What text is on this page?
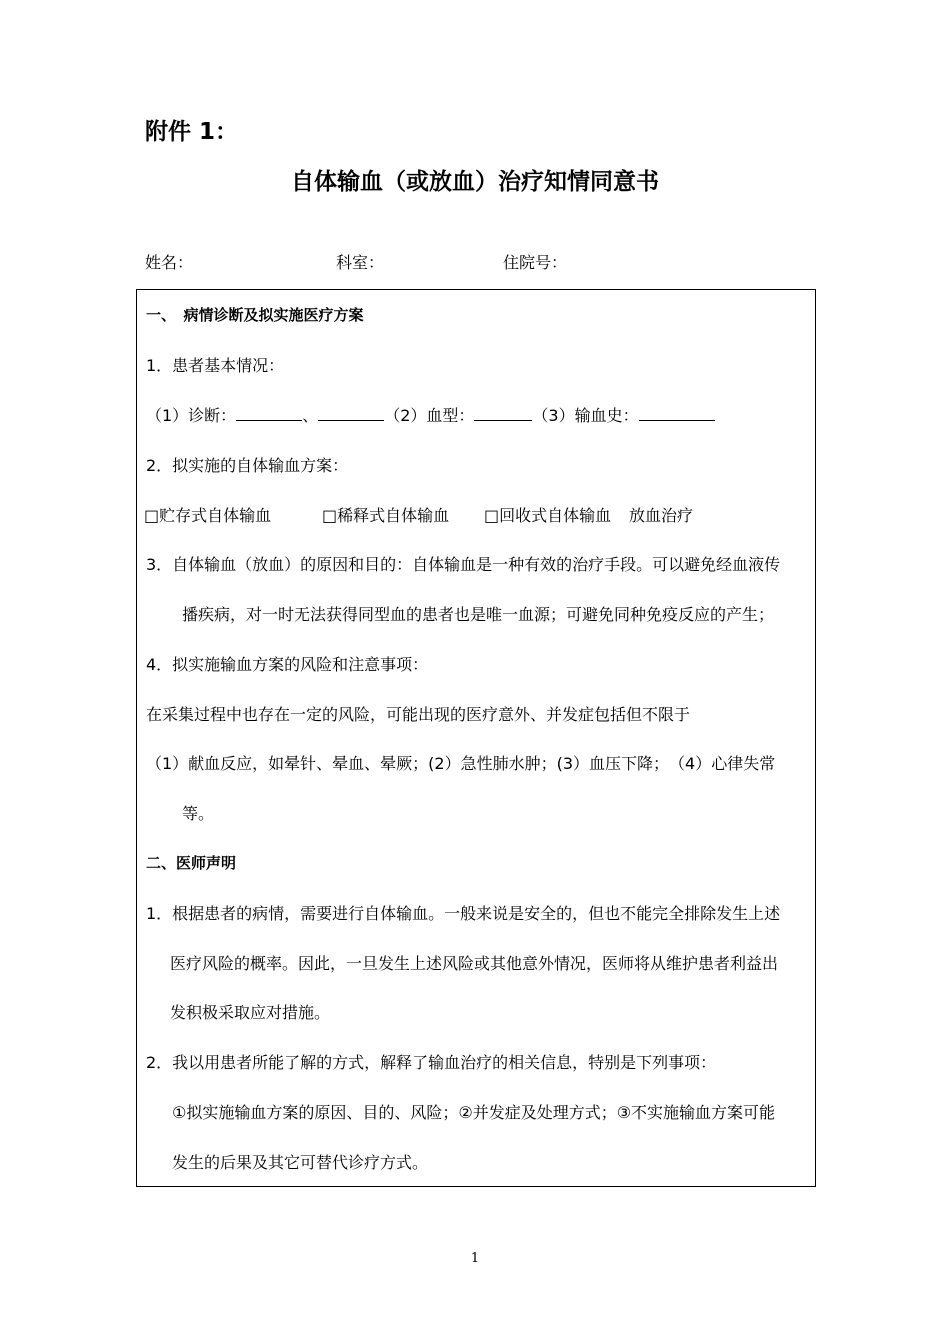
附件 1：
自体输血（或放血）治疗知情同意书
姓名：	科室：	住院号：
一、　病情诊断及拟实施医疗方案
1．患者基本情况：
（1）诊断：	、	（2）血型：	（3）输血史：
2．拟实施的自体输血方案：
□贮存式自体输血	□稀释式自体输血 □回收式自体输血 放血治疗
3．自体输血（放血）的原因和目的：自体输血是一种有效的治疗手段。可以避免经血液传
播疾病，对一时无法获得同型血的患者也是唯一血源；可避免同种免疫反应的产生；
4．拟实施输血方案的风险和注意事项：
在采集过程中也存在一定的风险，可能出现的医疗意外、并发症包括但不限于
（1）献血反应，如晕针、晕血、晕厥；(2）急性肺水肿；(3）血压下降；　（4）心律失常
等。
二、医师声明
1．根据患者的病情，需要进行自体输血。一般来说是安全的，但也不能完全排除发生上述
医疗风险的概率。因此，一旦发生上述风险或其他意外情况，医师将从维护患者利益出
发积极采取应对措施。
2．我以用患者所能了解的方式，解释了输血治疗的相关信息，特别是下列事项：
①拟实施输血方案的原因、目的、风险；②并发症及处理方式；③不实施输血方案可能
发生的后果及其它可替代诊疗方式。
1
